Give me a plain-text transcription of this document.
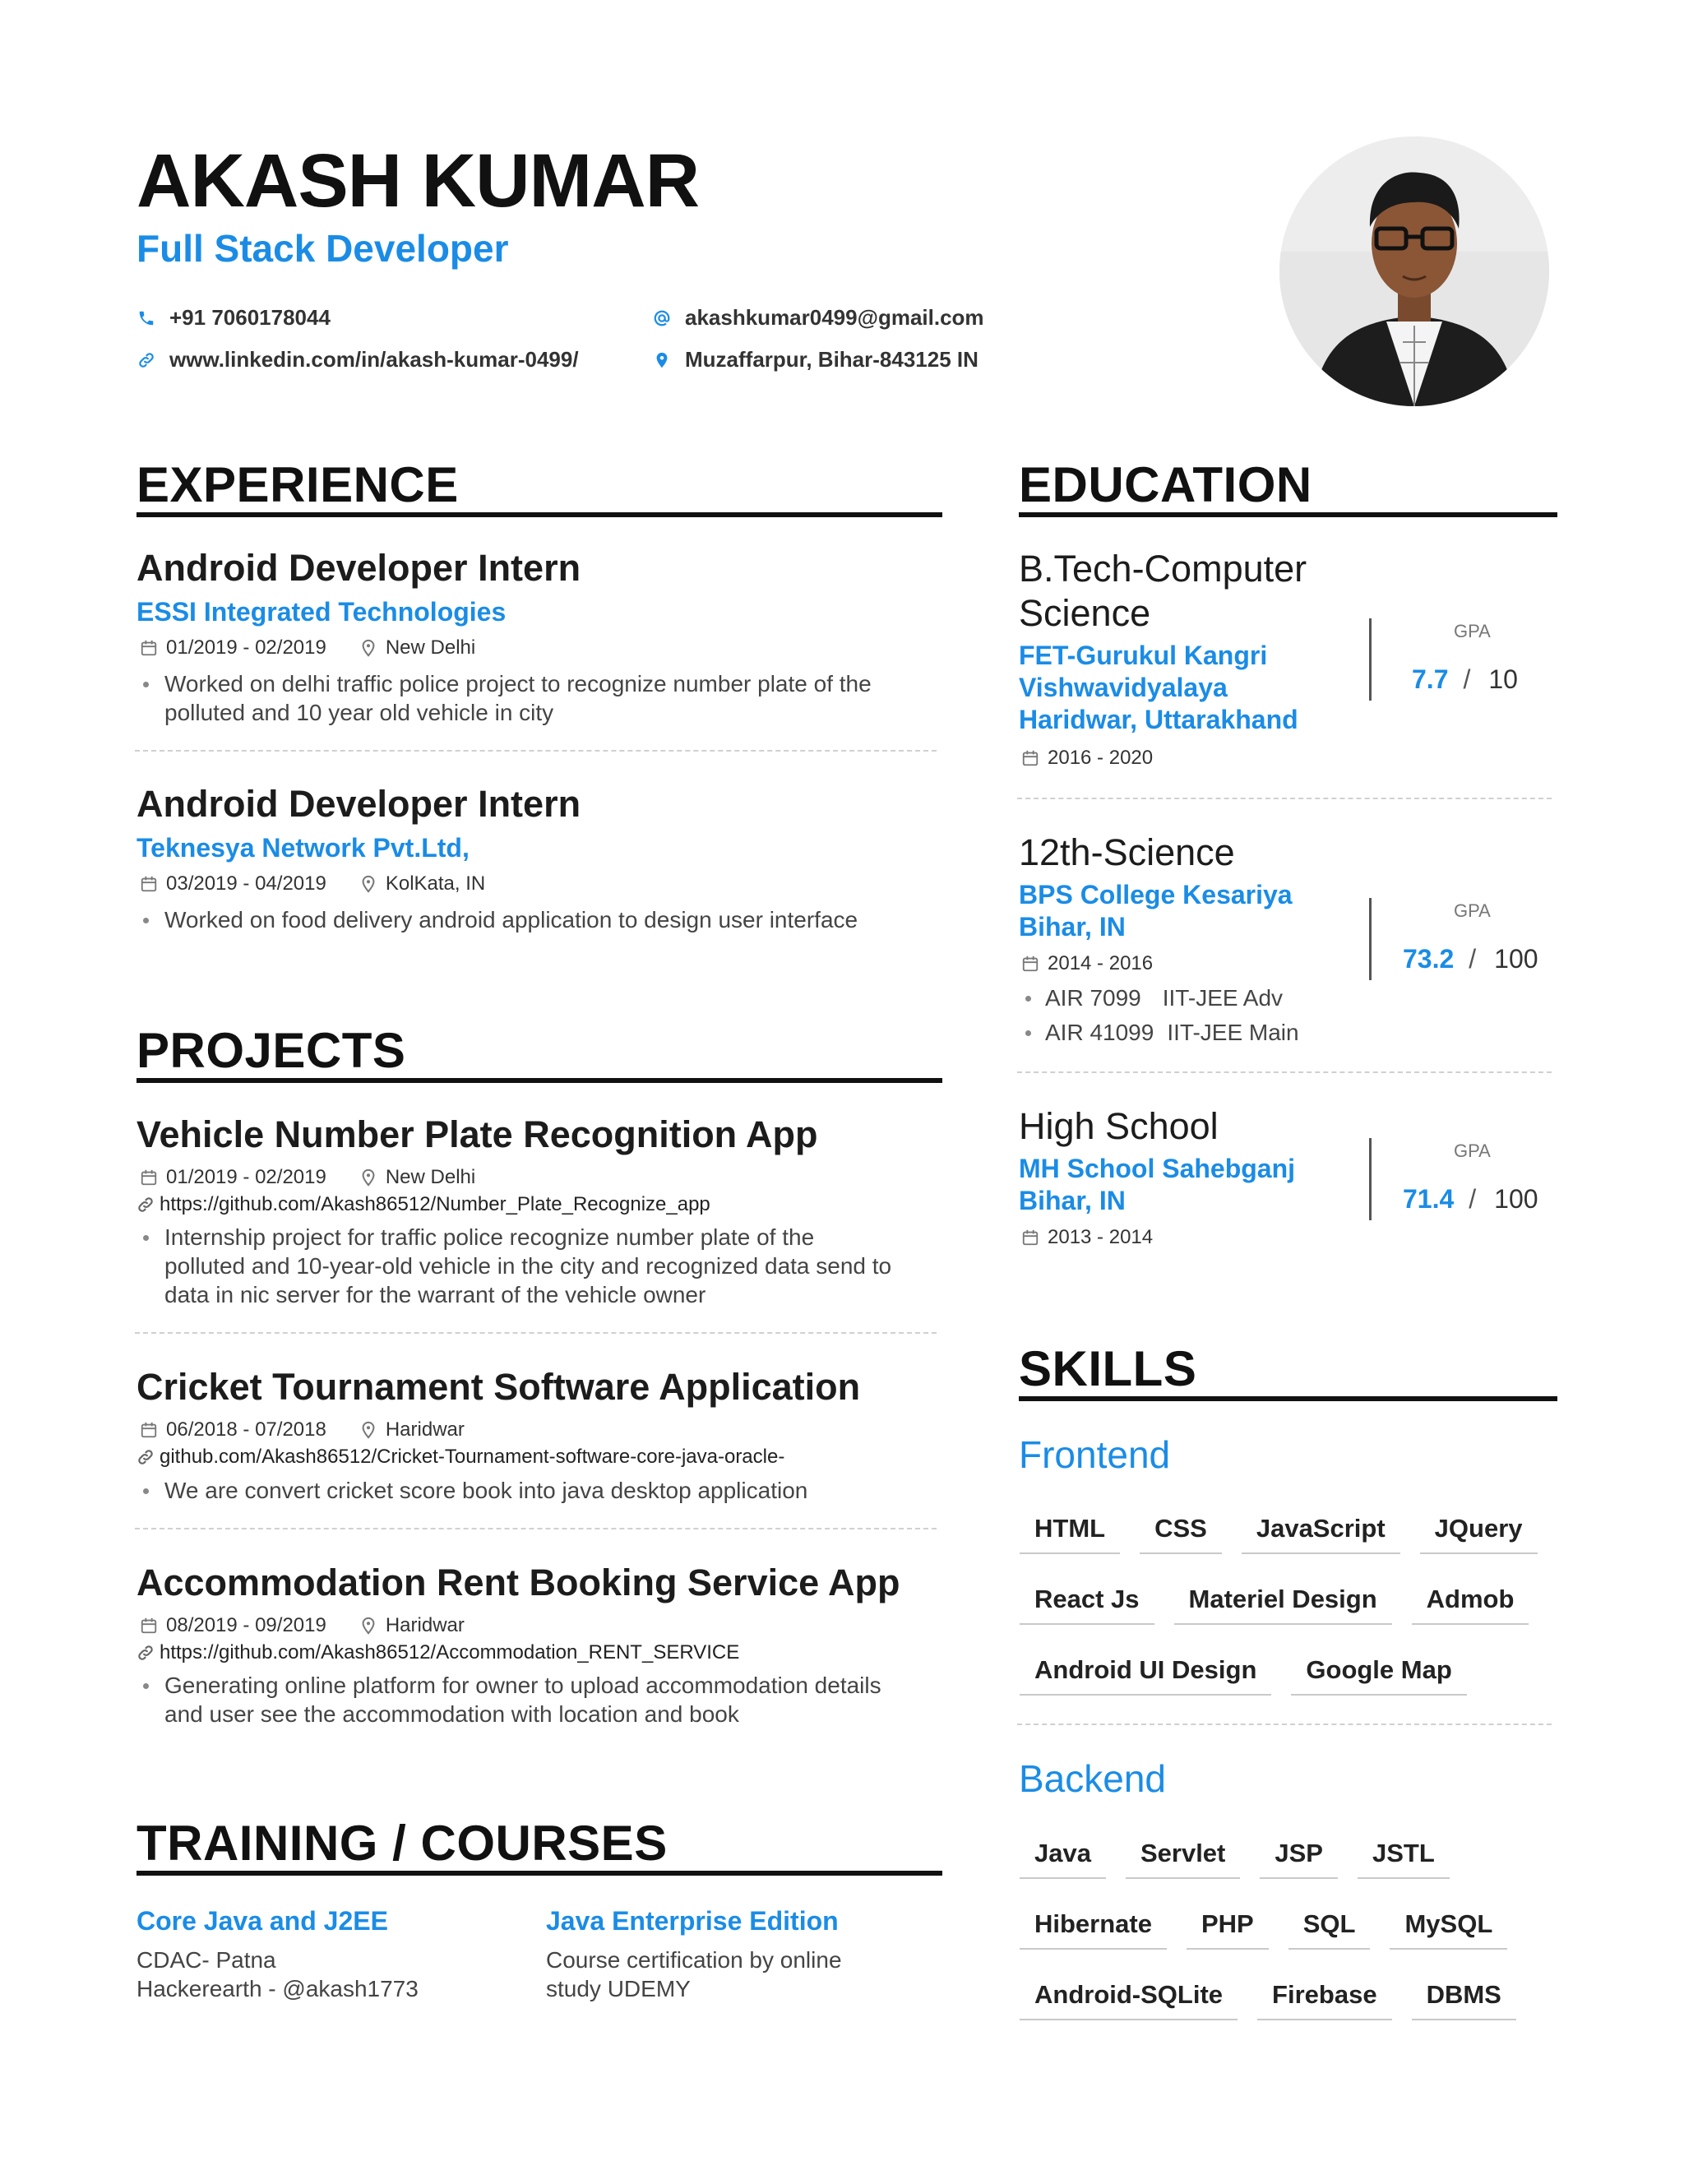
AKASH KUMAR
Full Stack Developer
+91 7060178044	akashkumar0499@gmail.com
www.linkedin.com/in/akash-kumar-0499/	Muzaffarpur, Bihar-843125 IN
EXPERIENCE
Android Developer Intern
ESSI Integrated Technologies
01/2019 - 02/2019	New Delhi
Worked on delhi traffic police project to recognize number plate of the polluted and 10 year old vehicle in city
Android Developer Intern
Teknesya Network Pvt.Ltd,
03/2019 - 04/2019	KolKata, IN
Worked on food delivery android application to design user interface
PROJECTS
Vehicle Number Plate Recognition App
01/2019 - 02/2019	New Delhi
https://github.com/Akash86512/Number_Plate_Recognize_app
Internship project for traffic police recognize number plate of the polluted and 10-year-old vehicle in the city and recognized data send to data in nic server for the warrant of the vehicle owner
Cricket Tournament Software Application
06/2018 - 07/2018	Haridwar
github.com/Akash86512/Cricket-Tournament-software-core-java-oracle-
We are convert cricket score book into java desktop application
Accommodation Rent Booking Service App
08/2019 - 09/2019	Haridwar
https://github.com/Akash86512/Accommodation_RENT_SERVICE
Generating online platform for owner to upload accommodation details and user see the accommodation with location and book
TRAINING / COURSES
Core Java and J2EE
CDAC- Patna
Hackerearth - @akash1773
Java Enterprise Edition
Course certification by online
study UDEMY
EDUCATION
B.Tech-Computer
Science
FET-Gurukul Kangri
Vishwavidyalaya
Haridwar, Uttarakhand
2016 - 2020
GPA
7.7 / 10
12th-Science
BPS College Kesariya
Bihar, IN
2014 - 2016
AIR 7099 IIT-JEE Adv
AIR 41099 IIT-JEE Main
GPA
73.2 / 100
High School
MH School Sahebganj
Bihar, IN
2013 - 2014
GPA
71.4 / 100
SKILLS
Frontend
HTML	CSS	JavaScript	JQuery
React Js	Materiel Design	Admob
Android UI Design	Google Map
Backend
Java	Servlet	JSP	JSTL
Hibernate	PHP	SQL	MySQL
Android-SQLite	Firebase	DBMS
